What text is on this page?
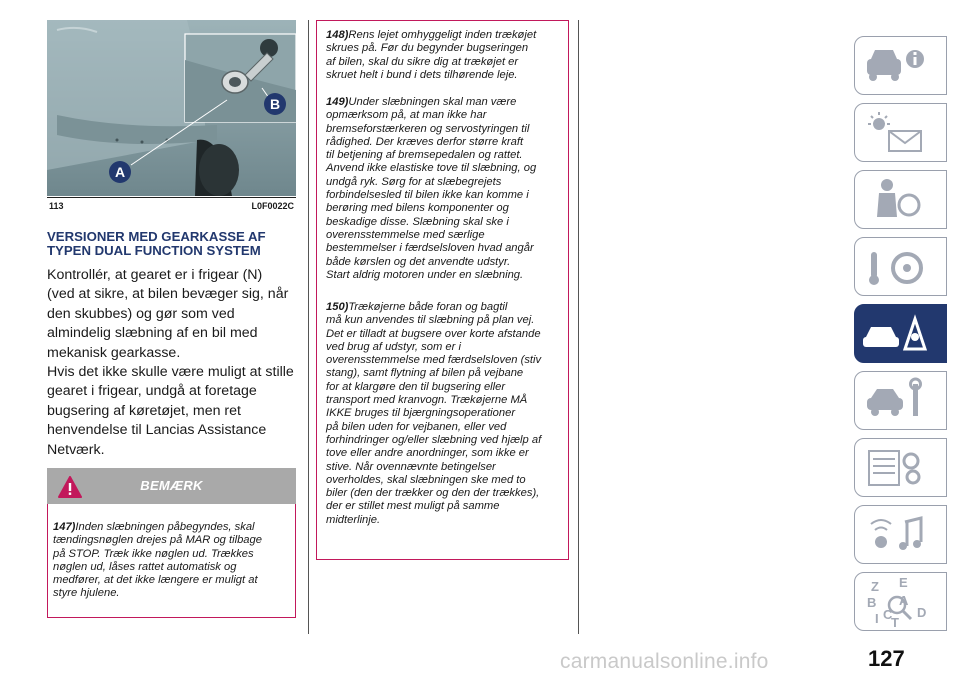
B
A
113	L0F0022C
VERSIONER MED GEARKASSE AF
TYPEN DUAL FUNCTION SYSTEM

Kontrollér, at gearet er i frigear (N)

(ved at sikre, at bilen bevæger sig, når

den skubbes) og gør som ved

almindelig slæbning af en bil med

mekanisk gearkasse.

Hvis det ikke skulle være muligt at stille

gearet i frigear, undgå at foretage

bugsering af køretøjet, men ret

henvendelse til Lancias Assistance

Netværk.

BEMÆRK
147)Inden slæbningen påbegyndes, skal
tændingsnøglen drejes på MAR og tilbage
på STOP. Træk ikke nøglen ud. Trækkes
nøglen ud, låses rattet automatisk og
medfører, at det ikke længere er muligt at
styre hjulene.
148)Rens lejet omhyggeligt inden trækøjet
skrues på. Før du begynder bugseringen
af bilen, skal du sikre dig at trækøjet er
skruet helt i bund i dets tilhørende leje.
149)Under slæbningen skal man være
opmærksom på, at man ikke har
bremseforstærkeren og servostyringen til
rådighed. Der kræves derfor større kraft
til betjening af bremsepedalen og rattet.
Anvend ikke elastiske tove til slæbning, og
undgå ryk. Sørg for at slæbegrejets
forbindelsesled til bilen ikke kan komme i
berøring med bilens komponenter og
beskadige disse. Slæbning skal ske i
overensstemmelse med særlige
bestemmelser i færdselsloven hvad angår
både kørslen og det anvendte udstyr.
Start aldrig motoren under en slæbning.
150)Trækøjerne både foran og bagtil
må kun anvendes til slæbning på plan vej.
Det er tilladt at bugsere over korte afstande
ved brug af udstyr, som er i
overensstemmelse med færdselsloven (stiv
stang), samt flytning af bilen på vejbane
for at klargøre den til bugsering eller
transport med kranvogn. Trækøjerne MÅ
IKKE bruges til bjærgningsoperationer
på bilen uden for vejbanen, eller ved
forhindringer og/eller slæbning ved hjælp af
tove eller andre anordninger, som ikke er
stive. Når ovennævnte betingelser
overholdes, skal slæbningen ske med to
biler (den der trækker og den der trækkes),
der er stillet mest muligt på samme
midterlinje.
Z E
B A
I C
T
D
127
carmanualsonline.info
